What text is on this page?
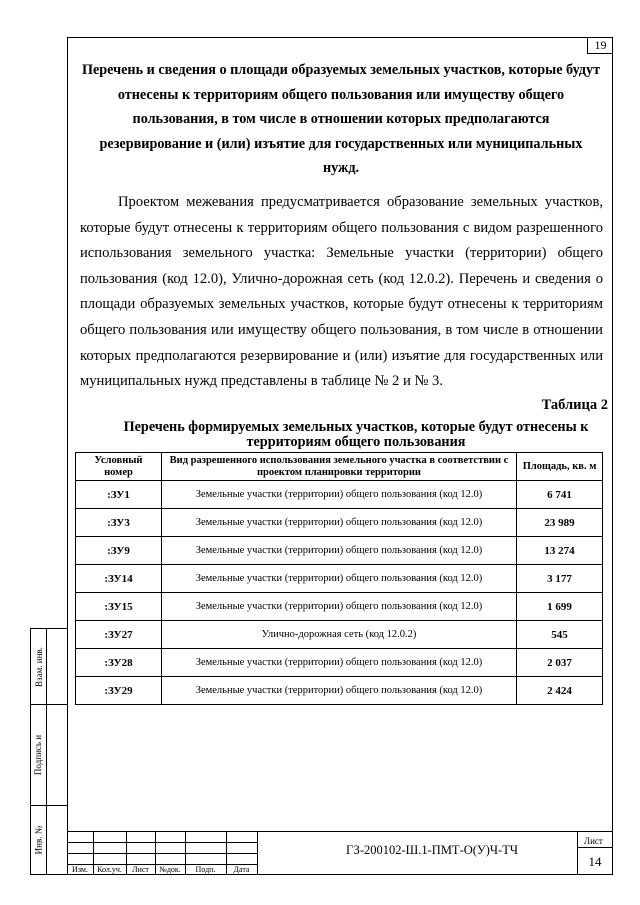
19
Перечень и сведения о площади образуемых земельных участков, которые будут отнесены к территориям общего пользования или имуществу общего пользования, в том числе в отношении которых предполагаются резервирование и (или) изъятие для государственных или муниципальных нужд.

Проектом межевания предусматривается образование земельных участков, которые будут отнесены к территориям общего пользования с видом разрешенного использования земельного участка: Земельные участки (территории) общего пользования (код 12.0), Улично-дорожная сеть (код 12.0.2). Перечень и сведения о площади образуемых земельных участков, которые будут отнесены к территориям общего пользования или имуществу общего пользования, в том числе в отношении которых предполагаются резервирование и (или) изъятие для государственных или муниципальных нужд представлены в таблице № 2 и № 3.

Таблица 2
Перечень формируемых земельных участков, которые будут отнесены к территориям общего пользования
Условный номер	Вид разрешенного использования земельного участка в соответствии с проектом планировки территории	Площадь, кв. м
:ЗУ1	Земельные участки (территории) общего пользования (код 12.0)	6 741
:ЗУ3	Земельные участки (территории) общего пользования (код 12.0)	23 989
:ЗУ9	Земельные участки (территории) общего пользования (код 12.0)	13 274
:ЗУ14	Земельные участки (территории) общего пользования (код 12.0)	3 177
:ЗУ15	Земельные участки (территории) общего пользования (код 12.0)	1 699
:ЗУ27	Улично-дорожная сеть (код 12.0.2)	545
:ЗУ28	Земельные участки (территории) общего пользования (код 12.0)	2 037
:ЗУ29	Земельные участки (территории) общего пользования (код 12.0)	2 424
Взам. инв.
Подпись и
Инв. №
Изм.	Кол.уч.	Лист	№док.	Подп.	Дата
ГЗ-200102-Ш.1-ПМТ-О(У)Ч-ТЧ
Лист
14
